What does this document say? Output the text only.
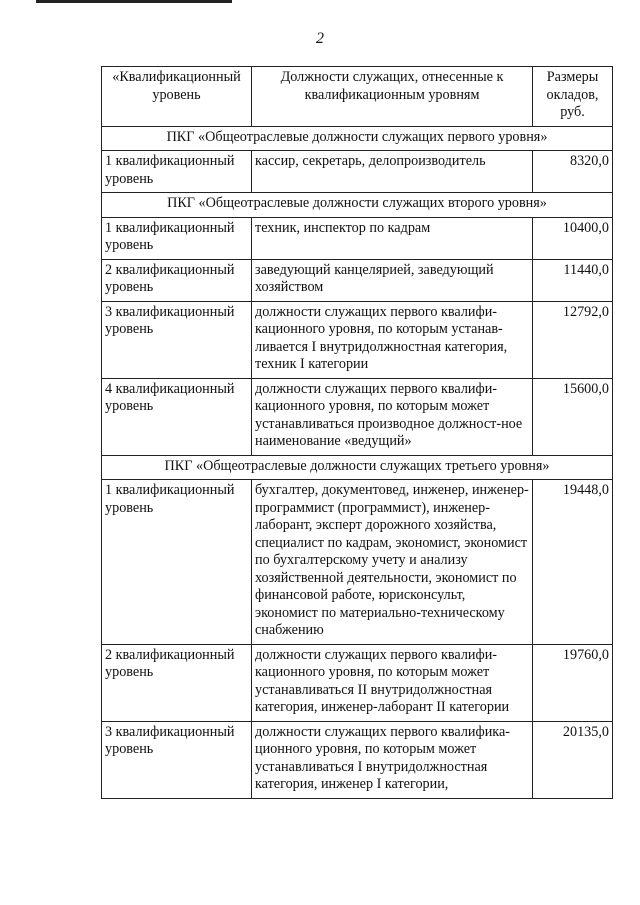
2
«Квалификационный уровень	Должности служащих, отнесенные к квалификационным уровням	Размеры окладов, руб.
ПКГ «Общеотраслевые должности служащих первого уровня»		
1 квалификационный уровень	кассир, секретарь, делопроизводитель	8320,0
ПКГ «Общеотраслевые должности служащих второго уровня»		
1 квалификационный уровень	техник, инспектор по кадрам	10400,0
2 квалификационный уровень	заведующий канцелярией, заведующий хозяйством	11440,0
3 квалификационный уровень	должности служащих первого квалифи-кационного уровня, по которым устанав-ливается I внутридолжностная категория, техник I категории	12792,0
4 квалификационный уровень	должности служащих первого квалифи-кационного уровня, по которым может устанавливаться производное должност-ное наименование «ведущий»	15600,0
ПКГ «Общеотраслевые должности служащих третьего уровня»		
1 квалификационный уровень	бухгалтер, документовед, инженер, инженер-программист (программист), инженер-лаборант, эксперт дорожного хозяйства, специалист по кадрам, экономист, экономист по бухгалтерскому учету и анализу хозяйственной деятельности, экономист по финансовой работе, юрисконсульт, экономист по материально-техническому снабжению	19448,0
2 квалификационный уровень	должности служащих первого квалифи-кационного уровня, по которым может устанавливаться II внутридолжностная категория, инженер-лаборант II категории	19760,0
3 квалификационный уровень	должности служащих первого квалифика-ционного уровня, по которым может устанавливаться I внутридолжностная категория, инженер I категории,	20135,0
